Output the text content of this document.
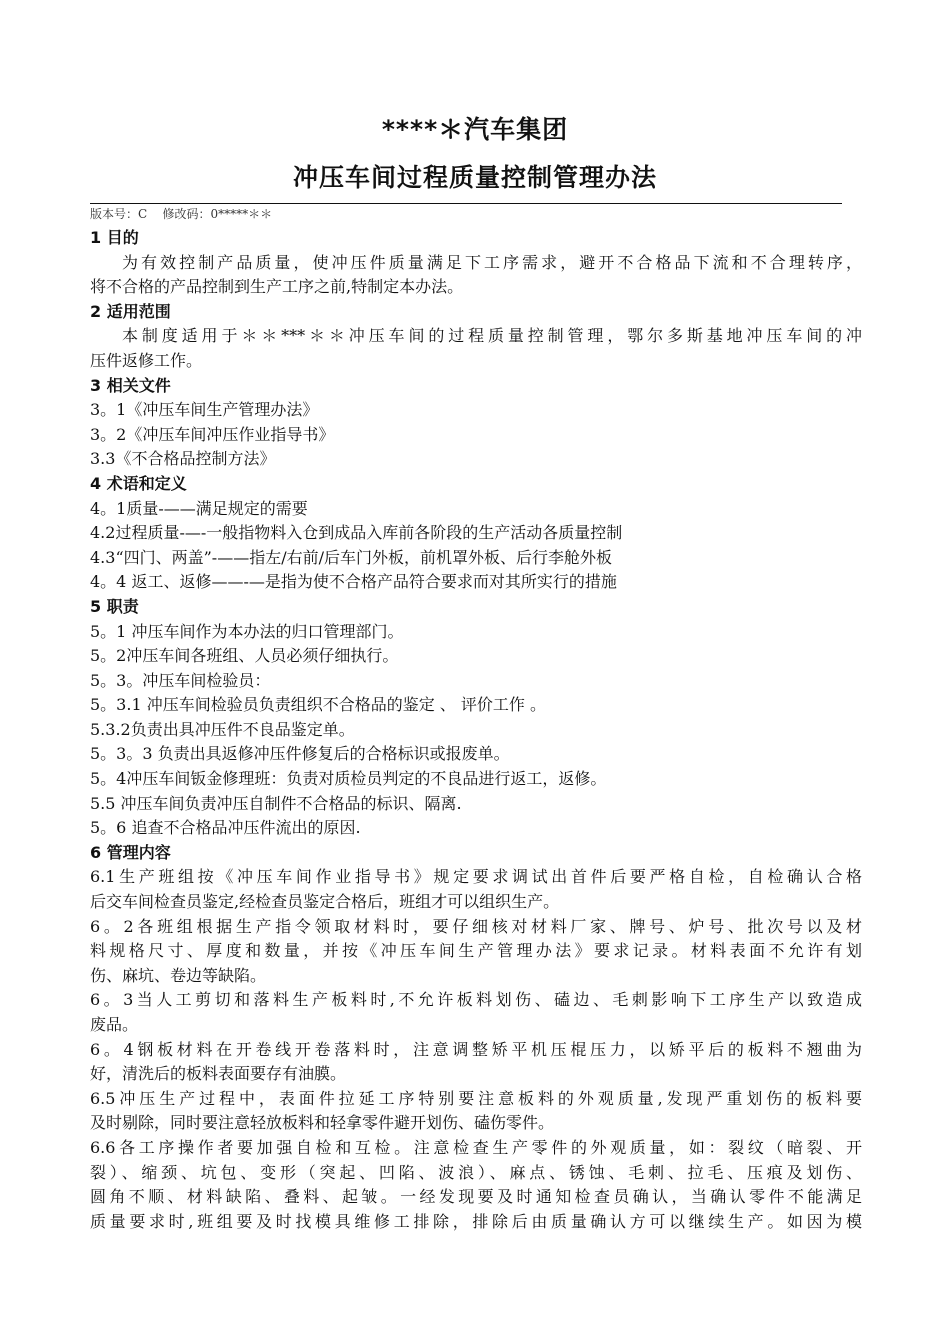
****＊汽车集团
冲压车间过程质量控制管理办法
版本号：C    修改码：0*****＊＊
1 目的
为有效控制产品质量，使冲压件质量满足下工序需求，避开不合格品下流和不合理转序，
将不合格的产品控制到生产工序之前,特制定本办法。
2 适用范围
本制度适用于＊＊***＊＊冲压车间的过程质量控制管理，鄂尔多斯基地冲压车间的冲
压件返修工作。
3 相关文件
3。1《冲压车间生产管理办法》
3。2《冲压车间冲压作业指导书》
3.3《不合格品控制方法》
4 术语和定义
4。1质量-——满足规定的需要
4.2过程质量-—-一般指物料入仓到成品入库前各阶段的生产活动各质量控制
4.3“四门、两盖”-——指左/右前/后车门外板，前机罩外板、后行李舱外板
4。4 返工、返修——-—是指为使不合格产品符合要求而对其所实行的措施
5 职责
5。1 冲压车间作为本办法的归口管理部门。
5。2冲压车间各班组、人员必须仔细执行。
5。3。冲压车间检验员：
5。3.1 冲压车间检验员负责组织不合格品的鉴定 、 评价工作 。
5.3.2负责出具冲压件不良品鉴定单。
5。3。3 负责出具返修冲压件修复后的合格标识或报废单。
5。4冲压车间钣金修理班：负责对质检员判定的不良品进行返工，返修。
5.5 冲压车间负责冲压自制件不合格品的标识、隔离.
5。6 追查不合格品冲压件流出的原因.
6 管理内容
6.1生产班组按《冲压车间作业指导书》规定要求调试出首件后要严格自检，自检确认合格
后交车间检查员鉴定,经检查员鉴定合格后，班组才可以组织生产。
6。2各班组根据生产指令领取材料时，要仔细核对材料厂家、牌号、炉号、批次号以及材
料规格尺寸、厚度和数量，并按《冲压车间生产管理办法》要求记录。材料表面不允许有划
伤、麻坑、卷边等缺陷。
6。3当人工剪切和落料生产板料时,不允许板料划伤、磕边、毛刺影响下工序生产以致造成
废品。
6。4钢板材料在开卷线开卷落料时，注意调整矫平机压棍压力，以矫平后的板料不翘曲为
好，清洗后的板料表面要存有油膜。
6.5冲压生产过程中，表面件拉延工序特别要注意板料的外观质量,发现严重划伤的板料要
及时剔除，同时要注意轻放板料和轻拿零件避开划伤、磕伤零件。
6.6各工序操作者要加强自检和互检。注意检查生产零件的外观质量，如：裂纹（暗裂、开
裂）、缩颈、坑包、变形（突起、凹陷、波浪）、麻点、锈蚀、毛刺、拉毛、压痕及划伤、
圆角不顺、材料缺陷、叠料、起皱。一经发现要及时通知检查员确认，当确认零件不能满足
质量要求时,班组要及时找模具维修工排除，排除后由质量确认方可以继续生产。如因为模
